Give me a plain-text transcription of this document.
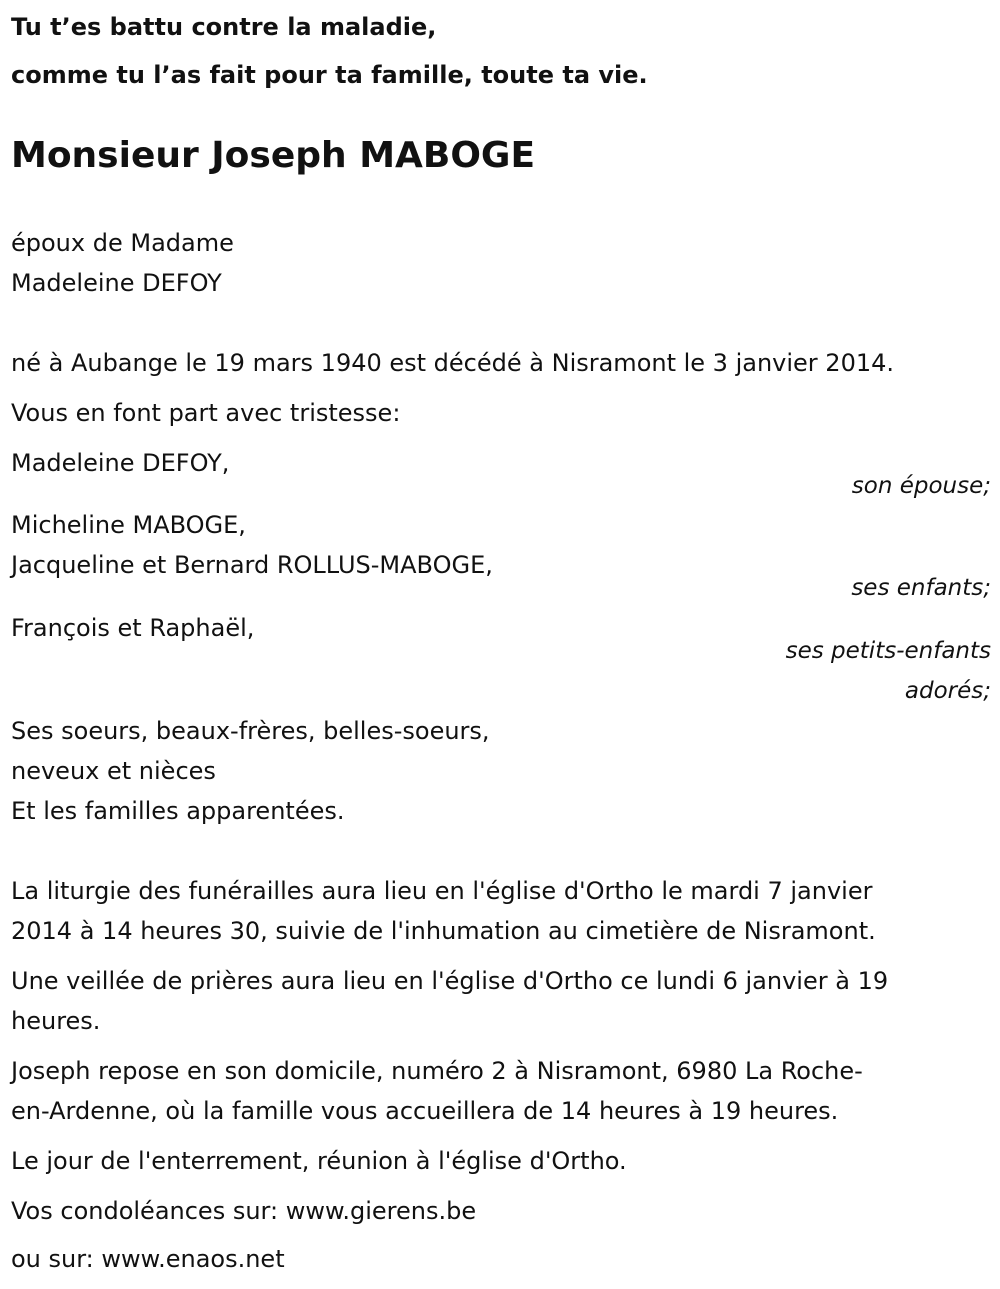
Tu t’es battu contre la maladie,
comme tu l’as fait pour ta famille, toute ta vie.
Monsieur Joseph MABOGE
époux de Madame
Madeleine DEFOY
né à Aubange le 19 mars 1940 est décédé à Nisramont le 3 janvier 2014.
Vous en font part avec tristesse:
Madeleine DEFOY,
son épouse;
Micheline MABOGE,
Jacqueline et Bernard ROLLUS-MABOGE,
ses enfants;
François et Raphaël,
ses petits-enfants
adorés;
Ses soeurs, beaux-frères, belles-soeurs,
neveux et nièces
Et les familles apparentées.
La liturgie des funérailles aura lieu en l'église d'Ortho le mardi 7 janvier
2014 à 14 heures 30, suivie de l'inhumation au cimetière de Nisramont.
Une veillée de prières aura lieu en l'église d'Ortho ce lundi 6 janvier à 19
heures.
Joseph repose en son domicile, numéro 2 à Nisramont, 6980 La Roche-
en-Ardenne, où la famille vous accueillera de 14 heures à 19 heures.
Le jour de l'enterrement, réunion à l'église d'Ortho.
Vos condoléances sur: www.gierens.be
ou sur: www.enaos.net
